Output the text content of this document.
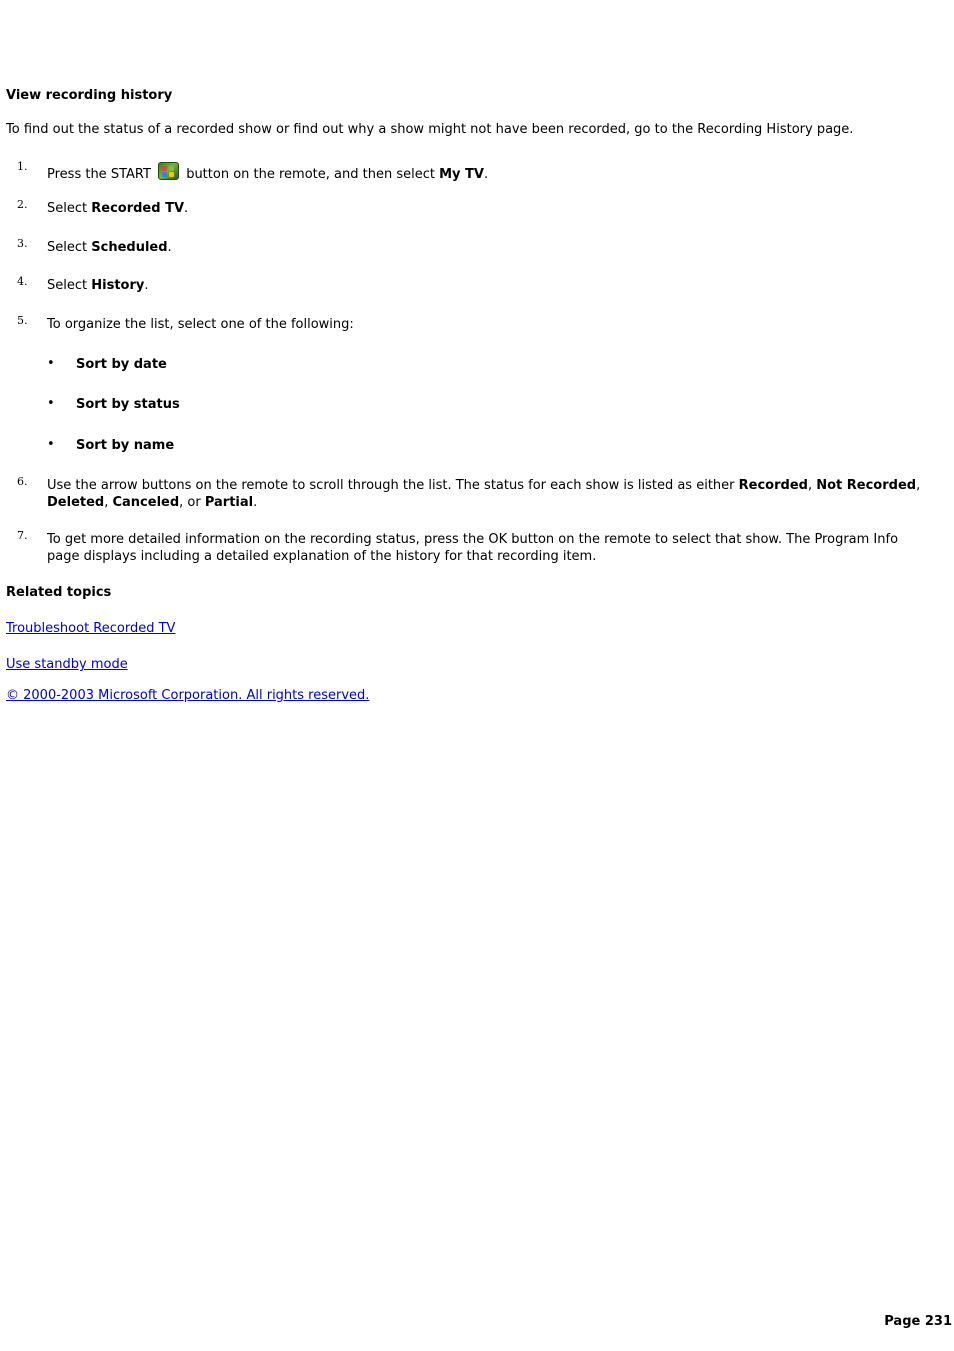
View recording history
To find out the status of a recorded show or find out why a show might not have been recorded, go to the Recording History page.
1.
Press the START
button on the remote, and then select My TV.
2. Select Recorded TV.
3. Select Scheduled.
4. Select History.
5. To organize the list, select one of the following:
• Sort by date
• Sort by status
• Sort by name
6. Use the arrow buttons on the remote to scroll through the list. The status for each show is listed as either Recorded, Not Recorded, Deleted, Canceled, or Partial.
7. To get more detailed information on the recording status, press the OK button on the remote to select that show. The Program Info page displays including a detailed explanation of the history for that recording item.
Related topics
Troubleshoot Recorded TV
Use standby mode
© 2000-2003 Microsoft Corporation. All rights reserved.
Page 231
